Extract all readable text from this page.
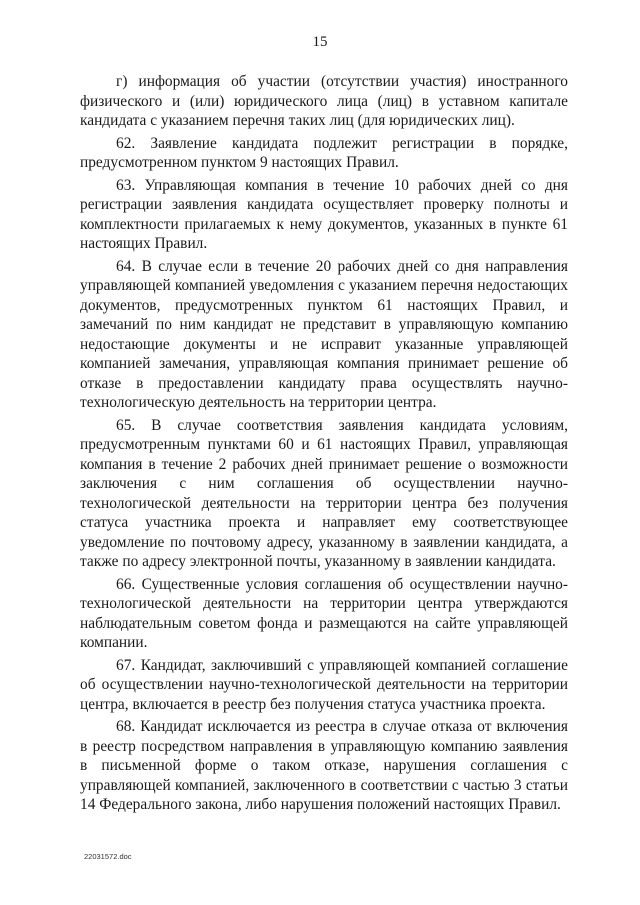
15

г) информация об участии (отсутствии участия) иностранного физического и (или) юридического лица (лиц) в уставном капитале кандидата с указанием перечня таких лиц (для юридических лиц).

62. Заявление кандидата подлежит регистрации в порядке, предусмотренном пунктом 9 настоящих Правил.

63. Управляющая компания в течение 10 рабочих дней со дня регистрации заявления кандидата осуществляет проверку полноты и комплектности прилагаемых к нему документов, указанных в пункте 61 настоящих Правил.

64. В случае если в течение 20 рабочих дней со дня направления управляющей компанией уведомления с указанием перечня недостающих документов, предусмотренных пунктом 61 настоящих Правил, и замечаний по ним кандидат не представит в управляющую компанию недостающие документы и не исправит указанные управляющей компанией замечания, управляющая компания принимает решение об отказе в предоставлении кандидату права осуществлять научно-технологическую деятельность на территории центра.

65. В случае соответствия заявления кандидата условиям, предусмотренным пунктами 60 и 61 настоящих Правил, управляющая компания в течение 2 рабочих дней принимает решение о возможности заключения с ним соглашения об осуществлении научно-технологической деятельности на территории центра без получения статуса участника проекта и направляет ему соответствующее уведомление по почтовому адресу, указанному в заявлении кандидата, а также по адресу электронной почты, указанному в заявлении кандидата.

66. Существенные условия соглашения об осуществлении научно-технологической деятельности на территории центра утверждаются наблюдательным советом фонда и размещаются на сайте управляющей компании.

67. Кандидат, заключивший с управляющей компанией соглашение об осуществлении научно-технологической деятельности на территории центра, включается в реестр без получения статуса участника проекта.

68. Кандидат исключается из реестра в случае отказа от включения в реестр посредством направления в управляющую компанию заявления в письменной форме о таком отказе, нарушения соглашения с управляющей компанией, заключенного в соответствии с частью 3 статьи 14 Федерального закона, либо нарушения положений настоящих Правил.

22031572.doc
